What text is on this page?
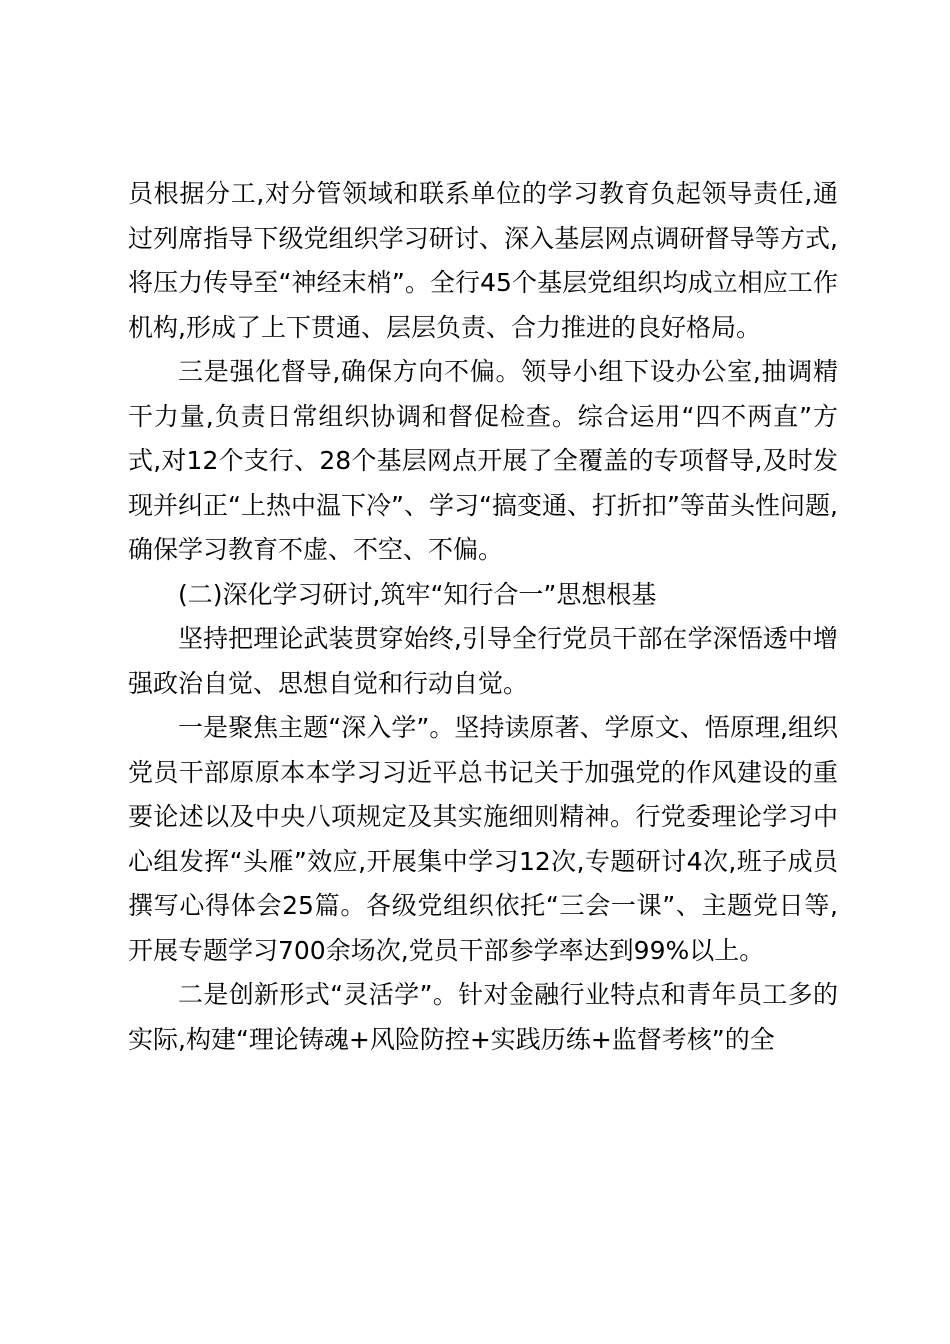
员根据分工,对分管领域和联系单位的学习教育负起领导责任,通过列席指导下级党组织学习研讨、深入基层网点调研督导等方式,将压力传导至“神经末梢”。全行45个基层党组织均成立相应工作机构,形成了上下贯通、层层负责、合力推进的良好格局。

三是强化督导,确保方向不偏。领导小组下设办公室,抽调精干力量,负责日常组织协调和督促检查。综合运用“四不两直”方式,对12个支行、28个基层网点开展了全覆盖的专项督导,及时发现并纠正“上热中温下冷”、学习“搞变通、打折扣”等苗头性问题,确保学习教育不虚、不空、不偏。

(二)深化学习研讨,筑牢“知行合一”思想根基

坚持把理论武装贯穿始终,引导全行党员干部在学深悟透中增强政治自觉、思想自觉和行动自觉。

一是聚焦主题“深入学”。坚持读原著、学原文、悟原理,组织党员干部原原本本学习习近平总书记关于加强党的作风建设的重要论述以及中央八项规定及其实施细则精神。行党委理论学习中心组发挥“头雁”效应,开展集中学习12次,专题研讨4次,班子成员撰写心得体会25篇。各级党组织依托“三会一课”、主题党日等,开展专题学习700余场次,党员干部参学率达到99%以上。

二是创新形式“灵活学”。针对金融行业特点和青年员工多的实际,构建“理论铸魂+风险防控+实践历练+监督考核”的全
